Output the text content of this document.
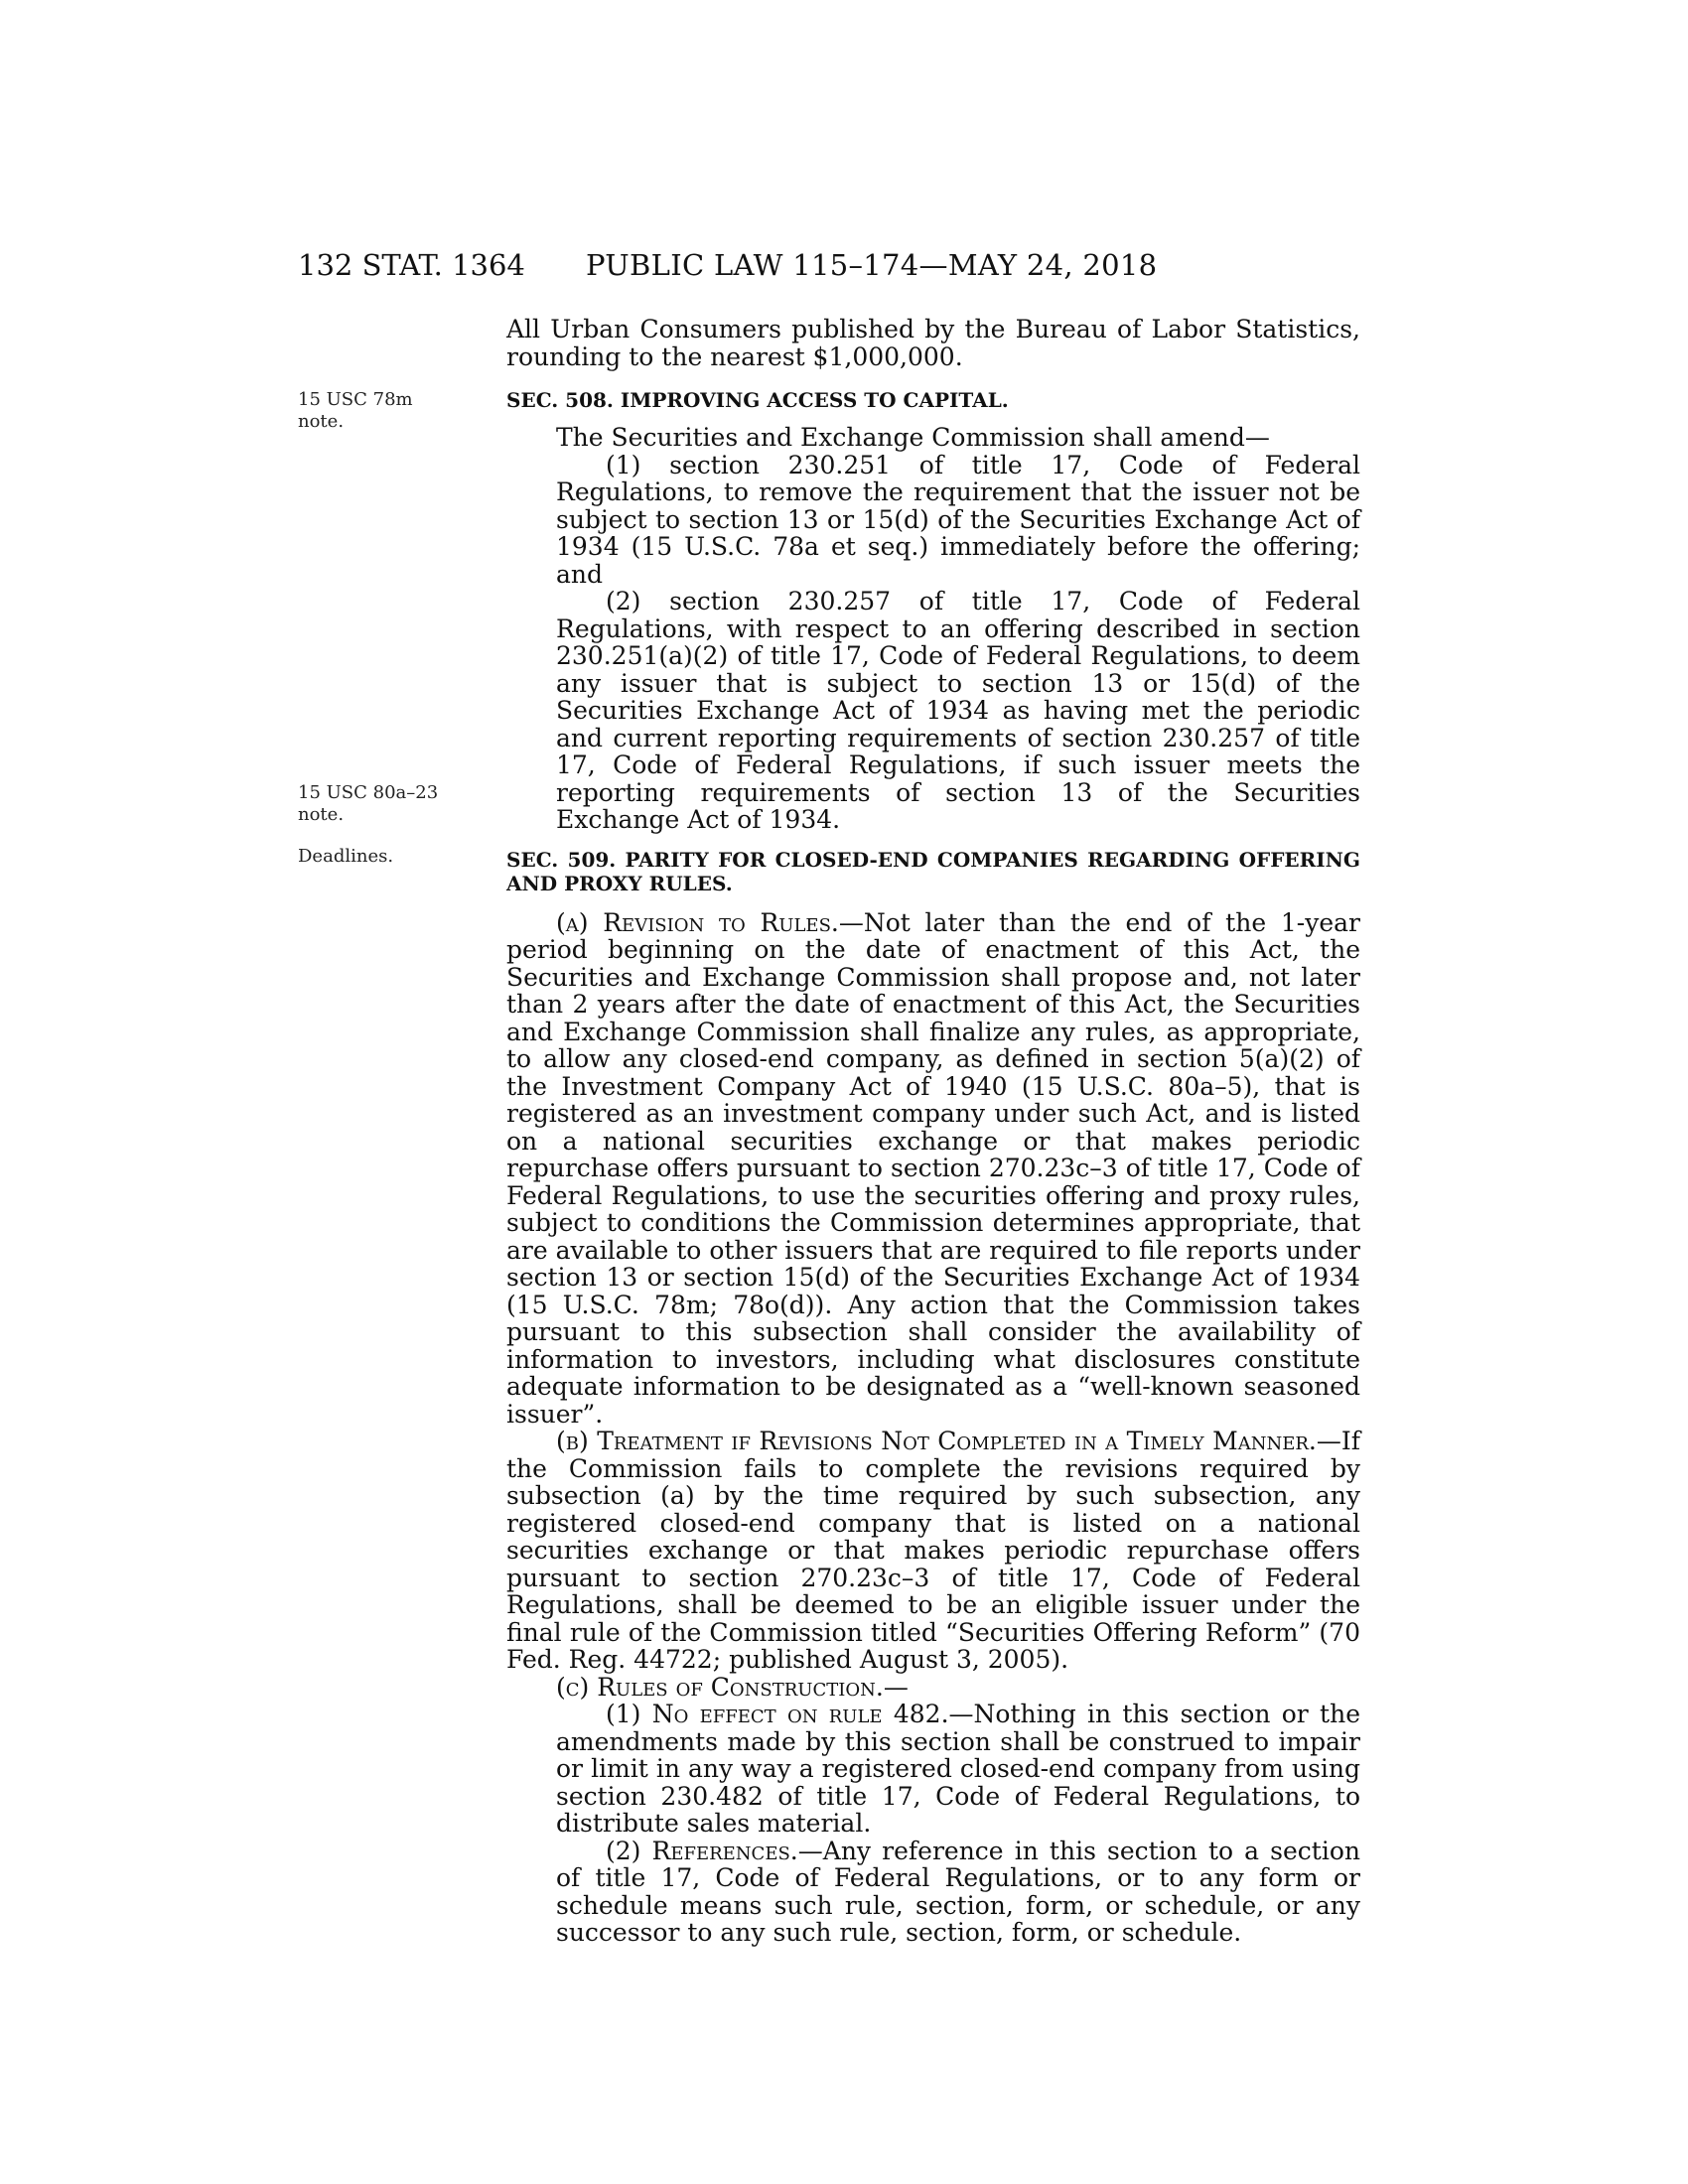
132 STAT. 1364 PUBLIC LAW 115–174—MAY 24, 2018
15 USC 78m
note.
15 USC 80a–23
note.
Deadlines.

All Urban Consumers published by the Bureau of Labor Statistics, rounding to the nearest $1,000,000.

SEC. 508. IMPROVING ACCESS TO CAPITAL.

The Securities and Exchange Commission shall amend—

(1) section 230.251 of title 17, Code of Federal Regulations, to remove the requirement that the issuer not be subject to section 13 or 15(d) of the Securities Exchange Act of 1934 (15 U.S.C. 78a et seq.) immediately before the offering; and

(2) section 230.257 of title 17, Code of Federal Regulations, with respect to an offering described in section 230.251(a)(2) of title 17, Code of Federal Regulations, to deem any issuer that is subject to section 13 or 15(d) of the Securities Exchange Act of 1934 as having met the periodic and current reporting requirements of section 230.257 of title 17, Code of Federal Regulations, if such issuer meets the reporting requirements of section 13 of the Securities Exchange Act of 1934.

SEC. 509. PARITY FOR CLOSED-END COMPANIES REGARDING OFFERING AND PROXY RULES.

(a) Revision to Rules.—Not later than the end of the 1-year period beginning on the date of enactment of this Act, the Securities and Exchange Commission shall propose and, not later than 2 years after the date of enactment of this Act, the Securities and Exchange Commission shall finalize any rules, as appropriate, to allow any closed-end company, as defined in section 5(a)(2) of the Investment Company Act of 1940 (15 U.S.C. 80a–5), that is registered as an investment company under such Act, and is listed on a national securities exchange or that makes periodic repurchase offers pursuant to section 270.23c–3 of title 17, Code of Federal Regulations, to use the securities offering and proxy rules, subject to conditions the Commission determines appropriate, that are available to other issuers that are required to file reports under section 13 or section 15(d) of the Securities Exchange Act of 1934 (15 U.S.C. 78m; 78o(d)). Any action that the Commission takes pursuant to this subsection shall consider the availability of information to investors, including what disclosures constitute adequate information to be designated as a “well-known seasoned issuer”.

(b) Treatment if Revisions Not Completed in a Timely Manner.—If the Commission fails to complete the revisions required by subsection (a) by the time required by such subsection, any registered closed-end company that is listed on a national securities exchange or that makes periodic repurchase offers pursuant to section 270.23c–3 of title 17, Code of Federal Regulations, shall be deemed to be an eligible issuer under the final rule of the Commission titled “Securities Offering Reform” (70 Fed. Reg. 44722; published August 3, 2005).

(c) Rules of Construction.—

(1) No effect on rule 482.—Nothing in this section or the amendments made by this section shall be construed to impair or limit in any way a registered closed-end company from using section 230.482 of title 17, Code of Federal Regulations, to distribute sales material.

(2) References.—Any reference in this section to a section of title 17, Code of Federal Regulations, or to any form or schedule means such rule, section, form, or schedule, or any successor to any such rule, section, form, or schedule.
